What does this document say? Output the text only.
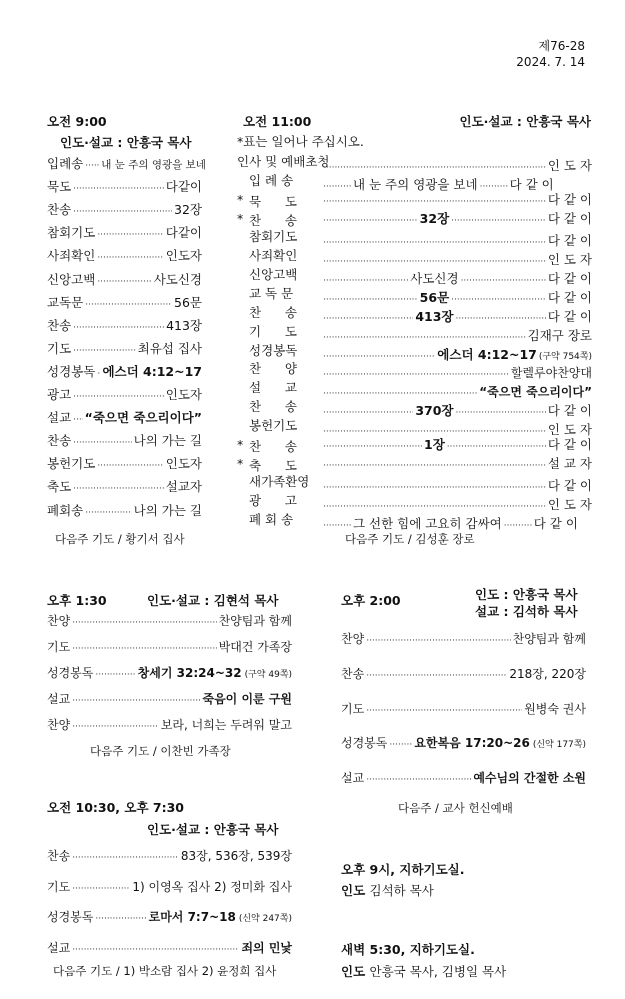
제76-28
2024. 7. 14
오전 9:00
인도·설교 : 안흥국 목사
입례송 ····· 내 눈 주의 영광을 보네
묵도 ·····	다같이
찬송 ·····	32장
참회기도 ·····	다같이
사죄확인 ·····	인도자
신앙고백 ·····	사도신경
교독문 ·····	56문
찬송 ·····	413장
기도 ·····	최유섭 집사
성경봉독 ····· 에스더 4:12~17
광고 ·····	인도자
설교 ····· “죽으면 죽으리이다”
찬송 ·····	나의 가는 길
봉헌기도 ·····	인도자
축도 ·····	설교자
폐회송 ·····	나의 가는 길
다음주 기도 / 황기서 집사
오전 11:00	인도·설교 : 안흥국 목사
*표는 일어나 주십시오.
인사 및 예배초청 ·····	인 도 자
입 례 송 ·····	내 눈 주의 영광을 보네 ·····	다 같 이
* 묵      도 ·····	다 같 이
* 찬      송 ·····	32장 ·····	다 같 이
참회기도 ·····	다 같 이
사죄확인 ·····	인 도 자
신앙고백 ·····	사도신경 ·····	다 같 이
교 독 문 ·····	56문 ·····	다 같 이
찬      송 ·····	413장 ·····	다 같 이
기      도 ·····	김재구 장로
성경봉독 ·····	에스더 4:12~17 (구약 754쪽)
찬      양 ·····	할렐루야찬양대
설      교 ·····	“죽으면 죽으리이다”
찬      송 ·····	370장 ·····	다 같 이
봉헌기도 ·····	인 도 자
* 찬      송 ·····	1장 ·····	다 같 이
* 축      도 ·····	설 교 자
새가족환영 ·····	다 같 이
광      고 ·····	인 도 자
폐 회 송 ·····	그 선한 힘에 고요히 감싸여 ·····	다 같 이
다음주 기도 / 김성훈 장로
오후 1:30	인도·설교 : 김현석 목사
찬양 ·····	찬양팀과 함께
기도 ·····	박대건 가족장
성경봉독 ·····	창세기 32:24~32 (구약 49쪽)
설교 ·····	죽음이 이룬 구원
찬양 ·····	보라, 너희는 두려워 말고
다음주 기도 / 이찬빈 가족장
오후 2:00	인도 : 안흥국 목사
설교 : 김석하 목사
찬양 ·····	찬양팀과 함께
찬송 ·····	218장, 220장
기도 ·····	원병숙 권사
성경봉독 ····· 요한복음 17:20~26 (신약 177쪽)
설교 ·····	예수님의 간절한 소원
다음주 / 교사 헌신예배
오전 10:30, 오후 7:30
인도·설교 : 안흥국 목사
찬송 ·····	83장, 536장, 539장
기도 ·····	1) 이영옥 집사 2) 정미화 집사
성경봉독 ·····	로마서 7:7~18 (신약 247쪽)
설교 ·····	죄의 민낯
다음주 기도 / 1) 박소람 집사 2) 윤정희 집사
오후 9시, 지하기도실.
인도 김석하 목사
새벽 5:30, 지하기도실.
인도 안흥국 목사, 김병일 목사
